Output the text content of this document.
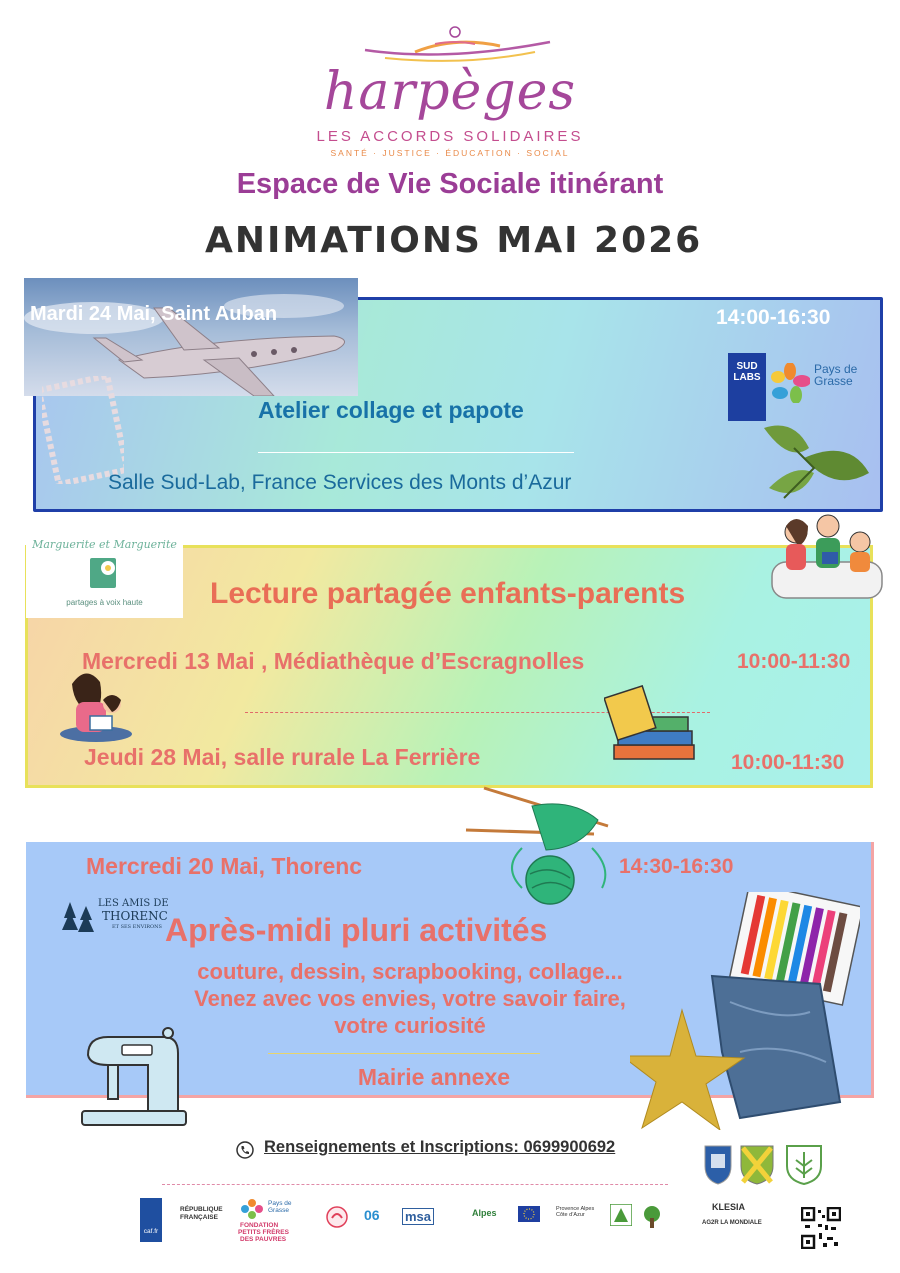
harpèges
LES ACCORDS SOLIDAIRES
SANTÉ · JUSTICE · ÉDUCATION · SOCIAL
Espace de Vie Sociale itinérant
ANIMATIONS MAI 2026
Mardi 24 Mai, Saint Auban	14:00-16:30
Atelier collage et papote
Salle Sud-Lab, France Services des Monts d’Azur
SUD LABS
Pays de Grasse
Marguerite et Marguerite
partages à voix haute	Lecture partagée enfants-parents
Mercredi 13 Mai , Médiathèque d’Escragnolles	10:00-11:30
Jeudi 28 Mai, salle rurale La Ferrière	10:00-11:30
Mercredi 20 Mai, Thorenc	14:30-16:30
LES AMIS DE
THORENC
ET SES ENVIRONS Après-midi pluri activités
couture, dessin, scrapbooking, collage...
Venez avec vos envies, votre savoir faire,
votre curiosité
Mairie annexe
Renseignements et Inscriptions: 0699900692
caf.fr
RÉPUBLIQUE
FRANÇAISE
Pays de Grasse
FONDATION
PETITS FRÈRES
DES PAUVRES
06 msa	Alpes	Provence Alpes Côte d’Azur
KLESIA
AG2R LA MONDIALE
